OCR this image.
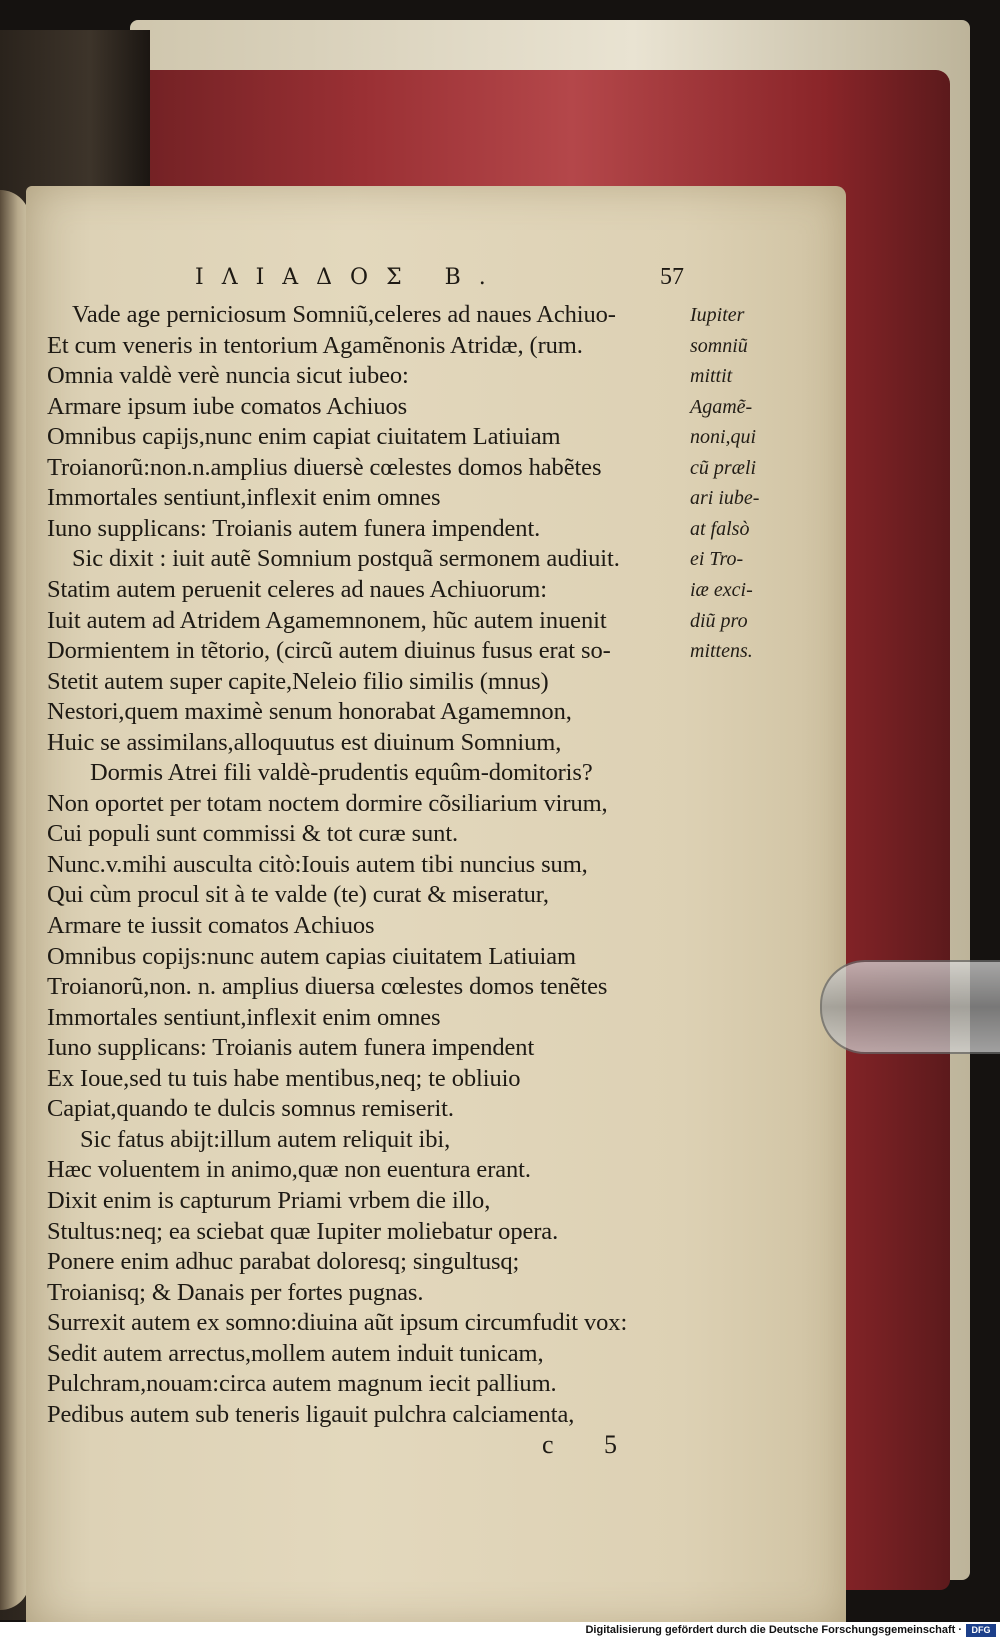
ΙΛΙΑΔΟΣ Β.	57
Vade age perniciosum Somniũ,celeres ad naues Achiuo-
Et cum veneris in tentorium Agamẽnonis Atridæ, (rum.
Omnia valdè verè nuncia sicut iubeo:
Armare ipsum iube comatos Achiuos
Omnibus capijs,nunc enim capiat ciuitatem Latiuiam
Troianorũ:non.n.amplius diuersè cœlestes domos habẽtes
Immortales sentiunt,inflexit enim omnes
Iuno supplicans: Troianis autem funera impendent.
Sic dixit : iuit autẽ Somnium postquã sermonem audiuit.
Statim autem peruenit celeres ad naues Achiuorum:
Iuit autem ad Atridem Agamemnonem, hũc autem inuenit
Dormientem in tẽtorio, (circũ autem diuinus fusus erat so-
Stetit autem super capite,Neleio filio similis (mnus)
Nestori,quem maximè senum honorabat Agamemnon,
Huic se assimilans,alloquutus est diuinum Somnium,
Dormis Atrei fili valdè-prudentis equûm-domitoris?
Non oportet per totam noctem dormire cõsiliarium virum,
Cui populi sunt commissi & tot curæ sunt.
Nunc.v.mihi ausculta citò:Iouis autem tibi nuncius sum,
Qui cùm procul sit à te valde (te) curat & miseratur,
Armare te iussit comatos Achiuos
Omnibus copijs:nunc autem capias ciuitatem Latiuiam
Troianorũ,non. n. amplius diuersa cœlestes domos tenẽtes
Immortales sentiunt,inflexit enim omnes
Iuno supplicans: Troianis autem funera impendent
Ex Ioue,sed tu tuis habe mentibus,neq; te obliuio
Capiat,quando te dulcis somnus remiserit.
Sic fatus abijt:illum autem reliquit ibi,
Hæc voluentem in animo,quæ non euentura erant.
Dixit enim is capturum Priami vrbem die illo,
Stultus:neq; ea sciebat quæ Iupiter moliebatur opera.
Ponere enim adhuc parabat doloresq; singultusq;
Troianisq; & Danais per fortes pugnas.
Surrexit autem ex somno:diuina aũt ipsum circumfudit vox:
Sedit autem arrectus,mollem autem induit tunicam,
Pulchram,nouam:circa autem magnum iecit pallium.
Pedibus autem sub teneris ligauit pulchra calciamenta,
Iupiter
somniũ
mittit
Agamẽ-
noni,qui
cũ præli
ari iube-
at falsò
ei Tro-
iæ exci-
diũ pro
mittens.
c 5
Digitalisierung gefördert durch die Deutsche Forschungsgemeinschaft ·	DFG
